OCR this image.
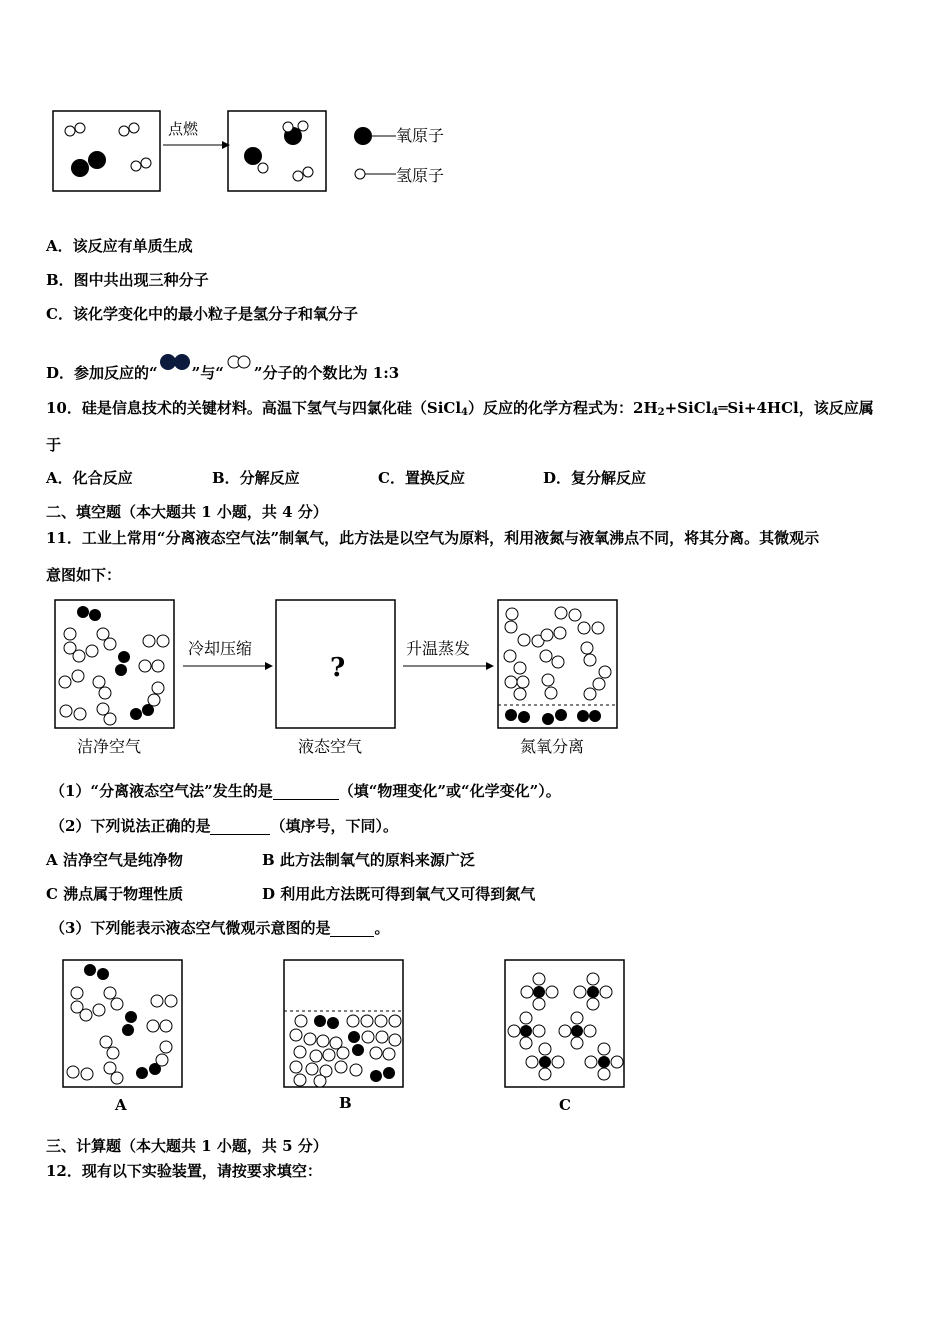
点燃	氧原子
氢原子
A．该反应有单质生成
B．图中共出现三种分子
C．该化学变化中的最小粒子是氢分子和氧分子
D．参加反应的“ ”与“ ”分子的个数比为 1:3
10．硅是信息技术的关键材料。高温下氢气与四氯化硅（SiCl$_4$）反应的化学方程式为：$2H_2+SiCl_4═Si+4HCl$，该反应属
于
A．化合反应	B．分解反应	C．置换反应	D．复分解反应
二、填空题（本大题共 1 小题，共 4 分）
11．工业上常用“分离液态空气法”制氧气，此方法是以空气为原料，利用液氮与液氧沸点不同，将其分离。其微观示
意图如下：
洁净空气
冷却压缩
?
液态空气
升温蒸发
氮氧分离
（1）“分离液态空气法”发生的是	（填“物理变化”或“化学变化”）。
（2）下列说法正确的是	（填序号，下同）。
A 洁净空气是纯净物	B 此方法制氧气的原料来源广泛
C 沸点属于物理性质	D 利用此方法既可得到氧气又可得到氮气
（3）下列能表示液态空气微观示意图的是	。
A	B	C
三、计算题（本大题共 1 小题，共 5 分）
12．现有以下实验装置，请按要求填空：
